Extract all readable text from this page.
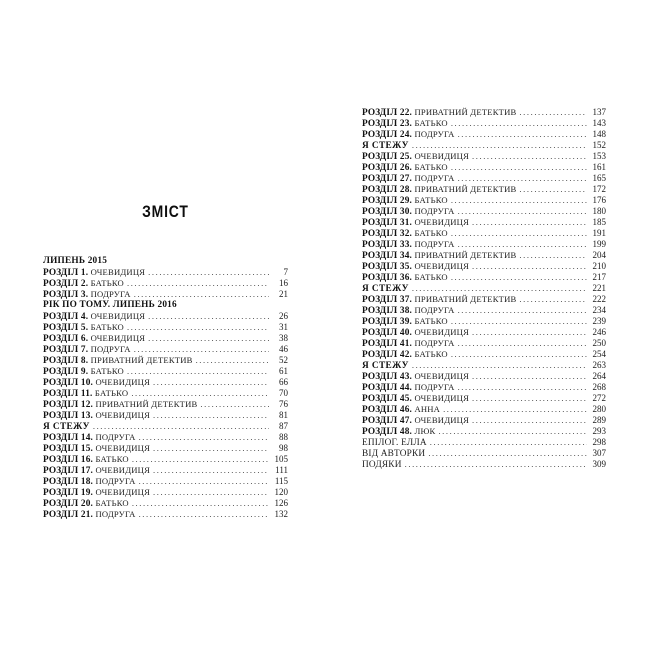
ЗМІСТ
ЛИПЕНЬ 2015
РОЗДІЛ 1. ОЧЕВИДИЦЯ .....	7
РОЗДІЛ 2. БАТЬКО .....	16
РОЗДІЛ 3. ПОДРУГА .....	21
РІК ПО ТОМУ. ЛИПЕНЬ 2016
РОЗДІЛ 4. ОЧЕВИДИЦЯ .....	26
РОЗДІЛ 5. БАТЬКО .....	31
РОЗДІЛ 6. ОЧЕВИДИЦЯ .....	38
РОЗДІЛ 7. ПОДРУГА .....	46
РОЗДІЛ 8. ПРИВАТНИЙ ДЕТЕКТИВ .....	52
РОЗДІЛ 9. БАТЬКО .....	61
РОЗДІЛ 10. ОЧЕВИДИЦЯ .....	66
РОЗДІЛ 11. БАТЬКО .....	70
РОЗДІЛ 12. ПРИВАТНИЙ ДЕТЕКТИВ .....	76
РОЗДІЛ 13. ОЧЕВИДИЦЯ .....	81
Я СТЕЖУ .....	87
РОЗДІЛ 14. ПОДРУГА .....	88
РОЗДІЛ 15. ОЧЕВИДИЦЯ .....	98
РОЗДІЛ 16. БАТЬКО .....	105
РОЗДІЛ 17. ОЧЕВИДИЦЯ .....	111
РОЗДІЛ 18. ПОДРУГА .....	115
РОЗДІЛ 19. ОЧЕВИДИЦЯ .....	120
РОЗДІЛ 20. БАТЬКО .....	126
РОЗДІЛ 21. ПОДРУГА .....	132
РОЗДІЛ 22. ПРИВАТНИЙ ДЕТЕКТИВ .....	137
РОЗДІЛ 23. БАТЬКО .....	143
РОЗДІЛ 24. ПОДРУГА .....	148
Я СТЕЖУ .....	152
РОЗДІЛ 25. ОЧЕВИДИЦЯ .....	153
РОЗДІЛ 26. БАТЬКО .....	161
РОЗДІЛ 27. ПОДРУГА .....	165
РОЗДІЛ 28. ПРИВАТНИЙ ДЕТЕКТИВ .....	172
РОЗДІЛ 29. БАТЬКО .....	176
РОЗДІЛ 30. ПОДРУГА .....	180
РОЗДІЛ 31. ОЧЕВИДИЦЯ .....	185
РОЗДІЛ 32. БАТЬКО .....	191
РОЗДІЛ 33. ПОДРУГА .....	199
РОЗДІЛ 34. ПРИВАТНИЙ ДЕТЕКТИВ .....	204
РОЗДІЛ 35. ОЧЕВИДИЦЯ .....	210
РОЗДІЛ 36. БАТЬКО .....	217
Я СТЕЖУ .....	221
РОЗДІЛ 37. ПРИВАТНИЙ ДЕТЕКТИВ .....	222
РОЗДІЛ 38. ПОДРУГА .....	234
РОЗДІЛ 39. БАТЬКО .....	239
РОЗДІЛ 40. ОЧЕВИДИЦЯ .....	246
РОЗДІЛ 41. ПОДРУГА .....	250
РОЗДІЛ 42. БАТЬКО .....	254
Я СТЕЖУ .....	263
РОЗДІЛ 43. ОЧЕВИДИЦЯ .....	264
РОЗДІЛ 44. ПОДРУГА .....	268
РОЗДІЛ 45. ОЧЕВИДИЦЯ .....	272
РОЗДІЛ 46. АННА .....	280
РОЗДІЛ 47. ОЧЕВИДИЦЯ .....	289
РОЗДІЛ 48. ЛЮК .....	293
ЕПІЛОГ. ЕЛЛА .....	298
ВІД АВТОРКИ .....	307
ПОДЯКИ .....	309
